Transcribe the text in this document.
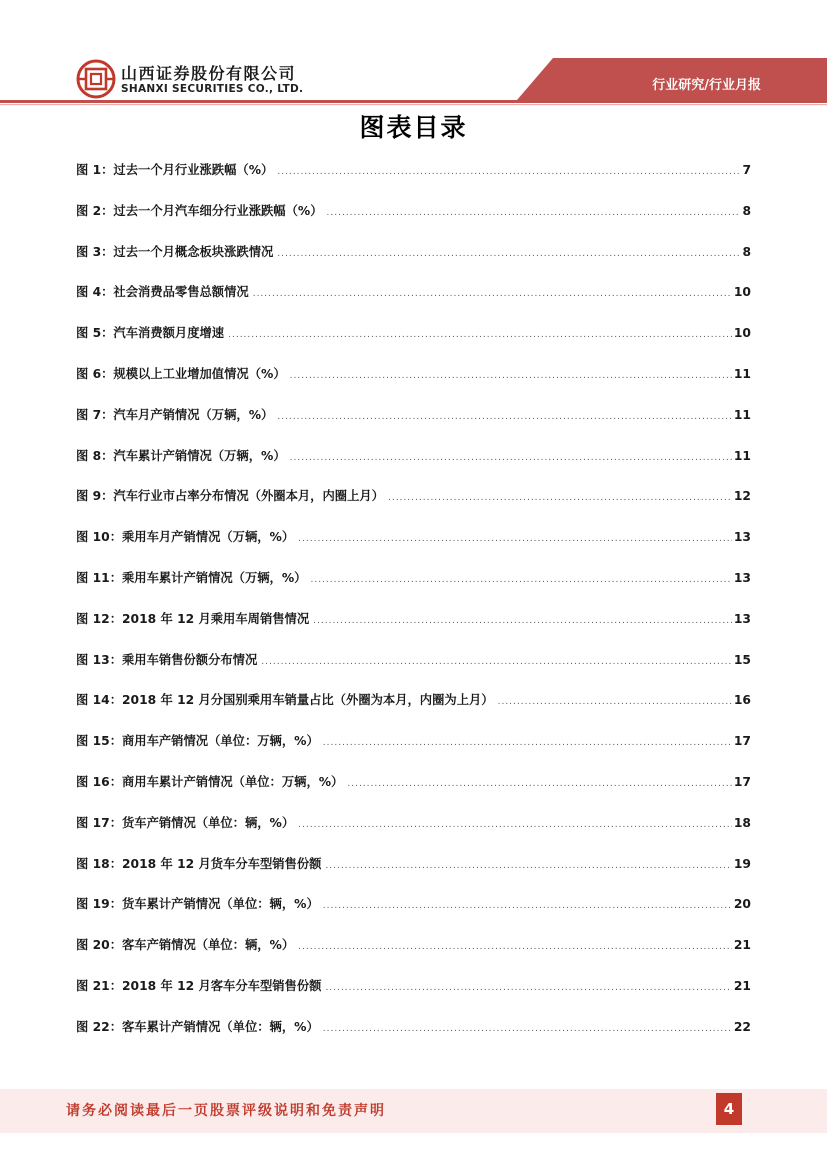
山西证券股份有限公司
SHANXI SECURITIES CO., LTD.	行业研究/行业月报
图表目录
图 1：过去一个月行业涨跌幅（%） .....	7
图 2：过去一个月汽车细分行业涨跌幅（%） .....	8
图 3：过去一个月概念板块涨跌情况 .....	8
图 4：社会消费品零售总额情况 .....	10
图 5：汽车消费额月度增速 .....	10
图 6：规模以上工业增加值情况（%） .....	11
图 7：汽车月产销情况（万辆，%） .....	11
图 8：汽车累计产销情况（万辆，%） .....	11
图 9：汽车行业市占率分布情况（外圈本月，内圈上月） .....	12
图 10：乘用车月产销情况（万辆，%） .....	13
图 11：乘用车累计产销情况（万辆，%） .....	13
图 12：2018 年 12 月乘用车周销售情况 .....	13
图 13：乘用车销售份额分布情况 .....	15
图 14：2018 年 12 月分国别乘用车销量占比（外圈为本月，内圈为上月） .....	16
图 15：商用车产销情况（单位：万辆，%） .....	17
图 16：商用车累计产销情况（单位：万辆，%） .....	17
图 17：货车产销情况（单位：辆，%） .....	18
图 18：2018 年 12 月货车分车型销售份额 .....	19
图 19：货车累计产销情况（单位：辆，%） .....	20
图 20：客车产销情况（单位：辆，%） .....	21
图 21：2018 年 12 月客车分车型销售份额 .....	21
图 22：客车累计产销情况（单位：辆，%） .....	22
请务必阅读最后一页股票评级说明和免责声明	4
